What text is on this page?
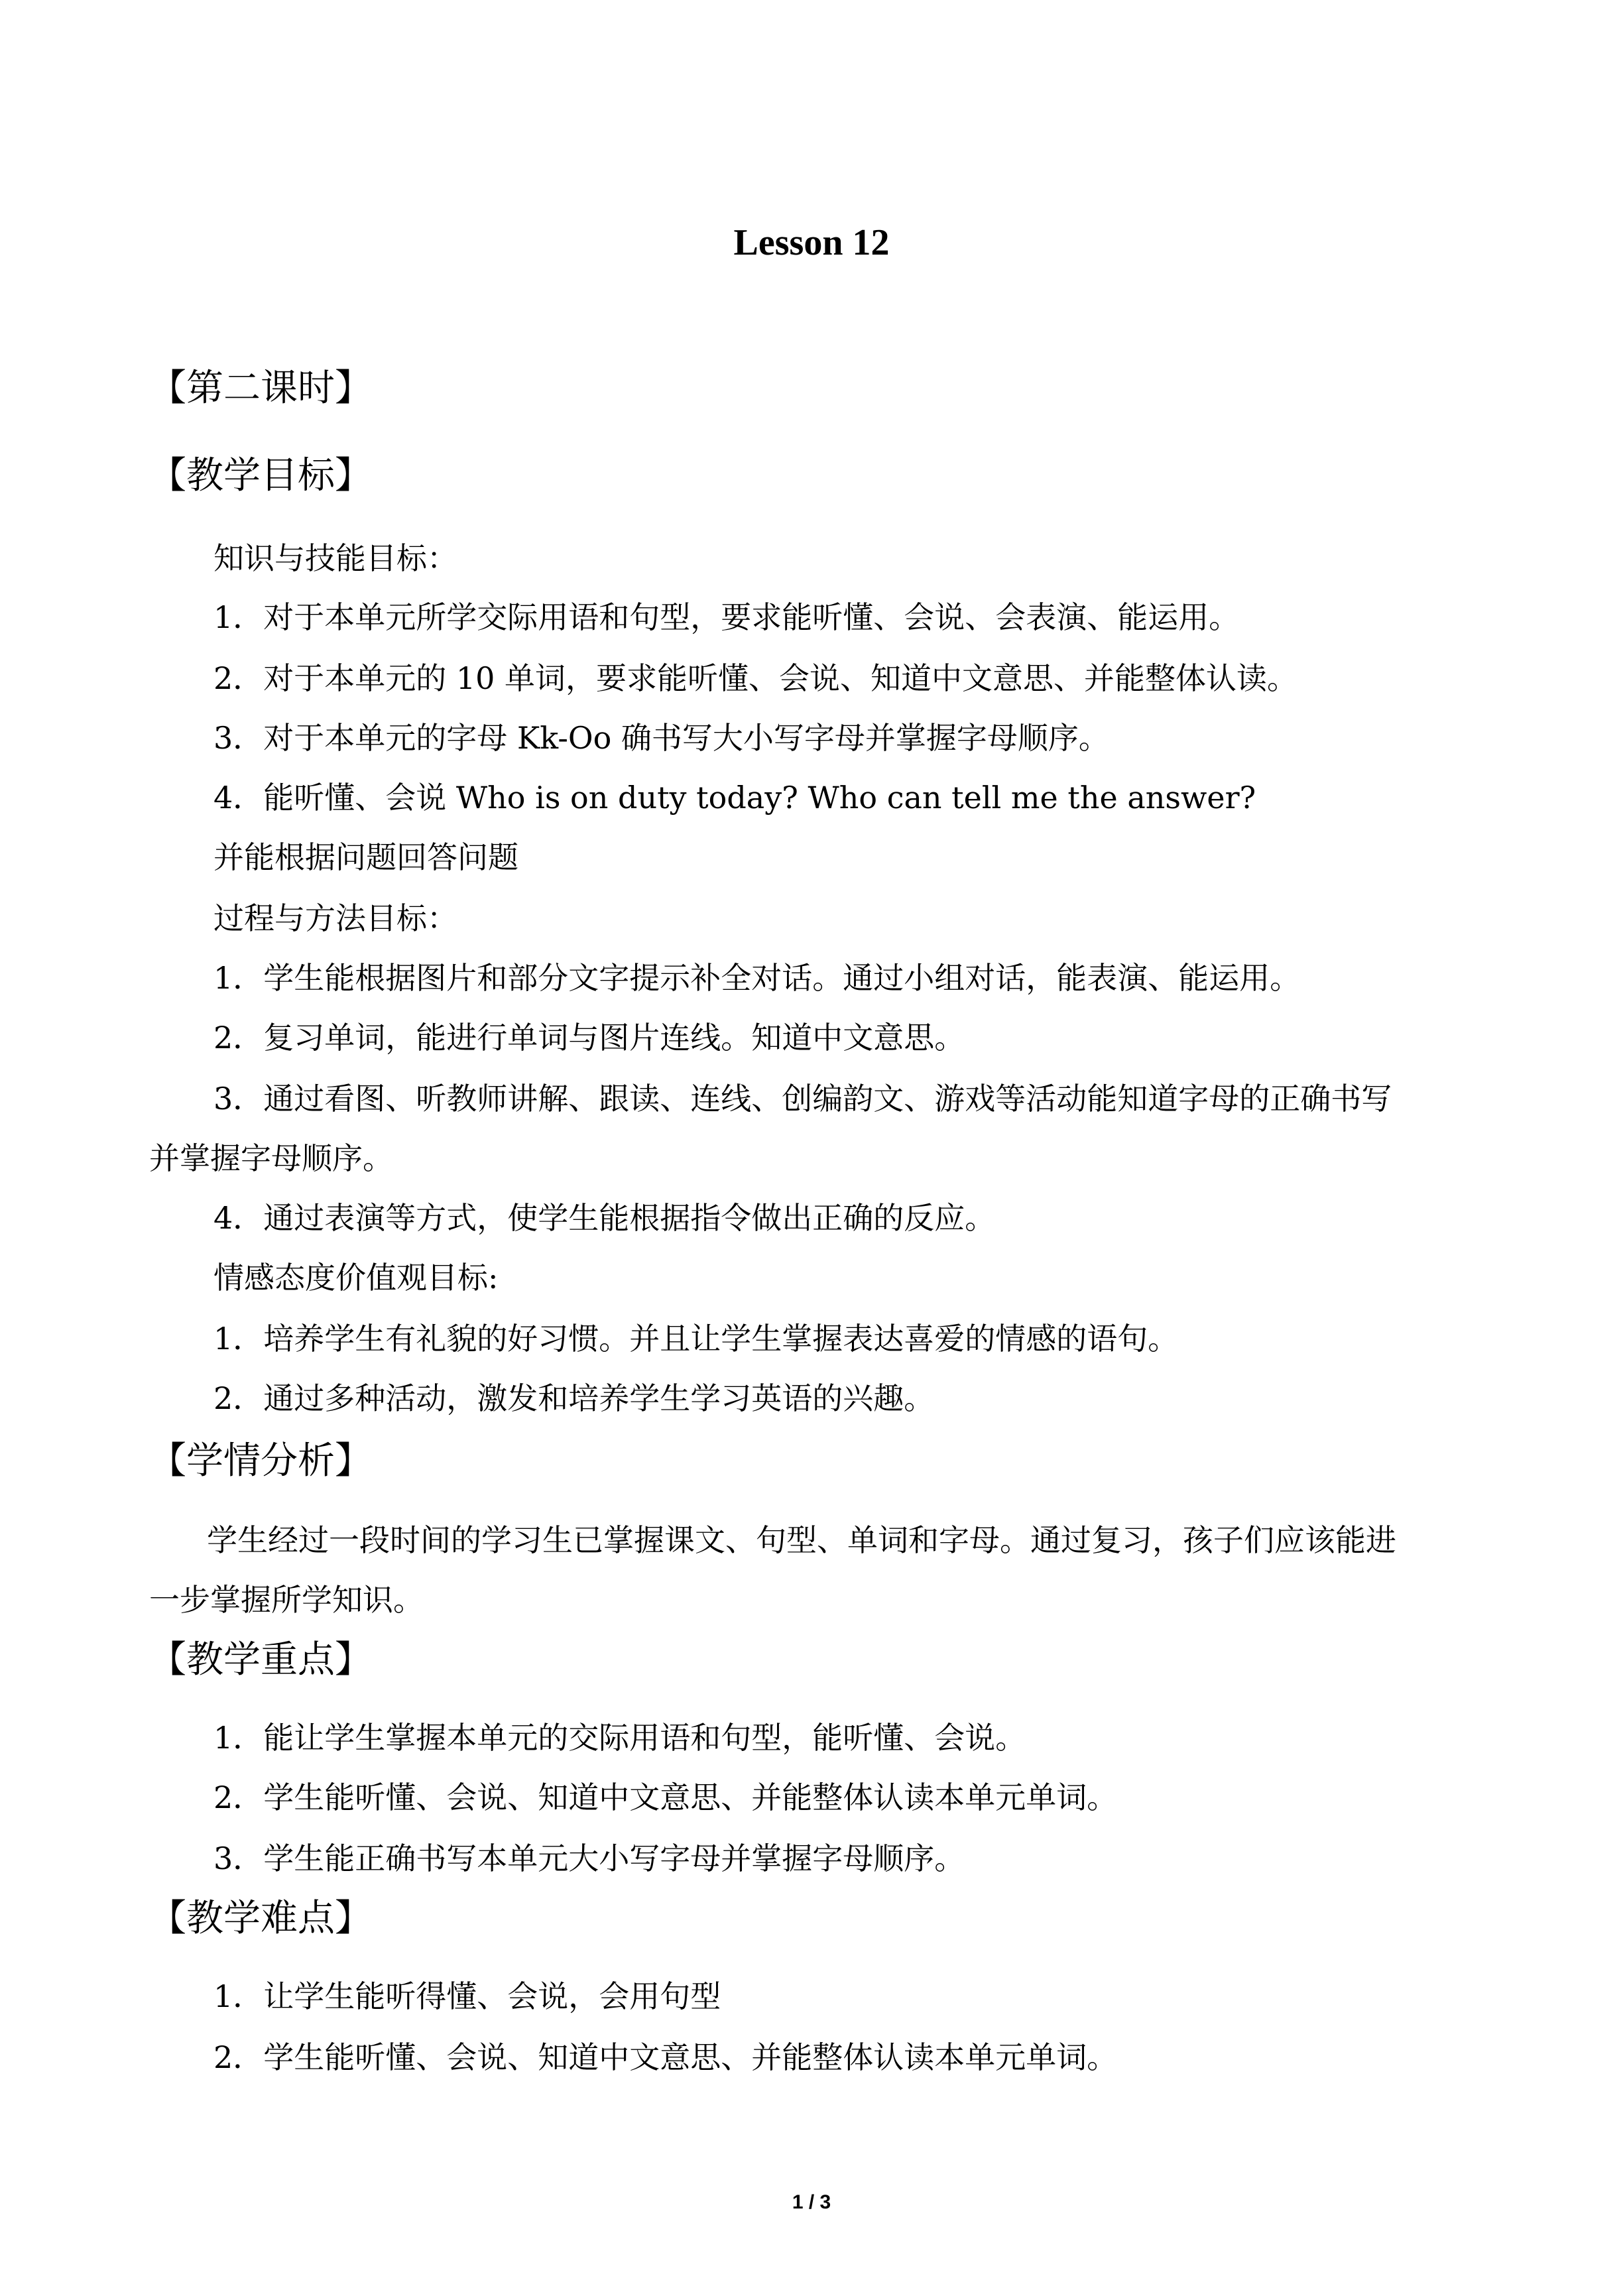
Lesson 12
【第二课时】
【教学目标】
知识与技能目标：
1．对于本单元所学交际用语和句型，要求能听懂、会说、会表演、能运用。
2．对于本单元的 10 单词，要求能听懂、会说、知道中文意思、并能整体认读。
3．对于本单元的字母 Kk-Oo 确书写大小写字母并掌握字母顺序。
4．能听懂、会说 Who is on duty today? Who can tell me the answer?
并能根据问题回答问题
过程与方法目标：
1．学生能根据图片和部分文字提示补全对话。通过小组对话，能表演、能运用。
2．复习单词，能进行单词与图片连线。知道中文意思。
3．通过看图、听教师讲解、跟读、连线、创编韵文、游戏等活动能知道字母的正确书写
并掌握字母顺序。
4．通过表演等方式，使学生能根据指令做出正确的反应。
情感态度价值观目标:
1．培养学生有礼貌的好习惯。并且让学生掌握表达喜爱的情感的语句。
2．通过多种活动，激发和培养学生学习英语的兴趣。
【学情分析】
学生经过一段时间的学习生已掌握课文、句型、单词和字母。通过复习，孩子们应该能进
一步掌握所学知识。
【教学重点】
1．能让学生掌握本单元的交际用语和句型，能听懂、会说。
2．学生能听懂、会说、知道中文意思、并能整体认读本单元单词。
3．学生能正确书写本单元大小写字母并掌握字母顺序。
【教学难点】
1．让学生能听得懂、会说，会用句型
2．学生能听懂、会说、知道中文意思、并能整体认读本单元单词。
1 / 3
